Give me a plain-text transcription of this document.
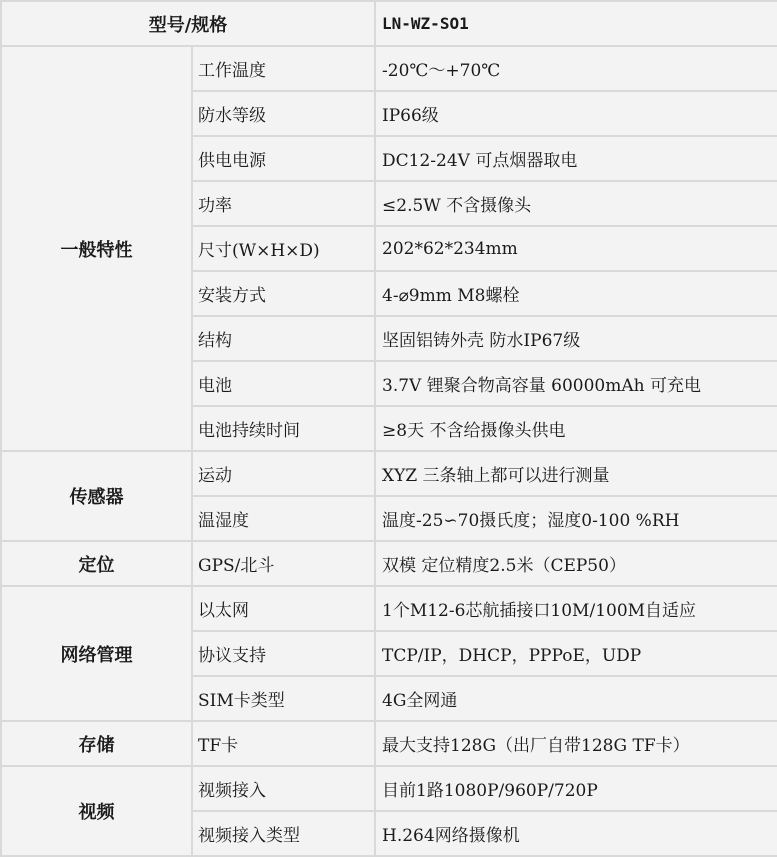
型号/规格		LN-WZ-SO1
一般特性	工作温度	-20℃～+70℃
	防水等级	IP66级
	供电电源	DC12-24V 可点烟器取电
	功率	≤2.5W 不含摄像头
	尺寸(W×H×D)	202*62*234mm
	安装方式	4-⌀9mm M8螺栓
	结构	坚固铝铸外壳 防水IP67级
	电池	3.7V 锂聚合物高容量 60000mAh 可充电
	电池持续时间	≥8天 不含给摄像头供电
传感器	运动	XYZ 三条轴上都可以进行测量
	温湿度	温度-25∽70摄氏度；湿度0-100 %RH
定位	GPS/北斗	双模 定位精度2.5米（CEP50）
网络管理	以太网	1个M12-6芯航插接口10M/100M自适应
	协议支持	TCP/IP，DHCP，PPPoE，UDP
	SIM卡类型	4G全网通
存储	TF卡	最大支持128G（出厂自带128G TF卡）
视频	视频接入	目前1路1080P/960P/720P
	视频接入类型	H.264网络摄像机
